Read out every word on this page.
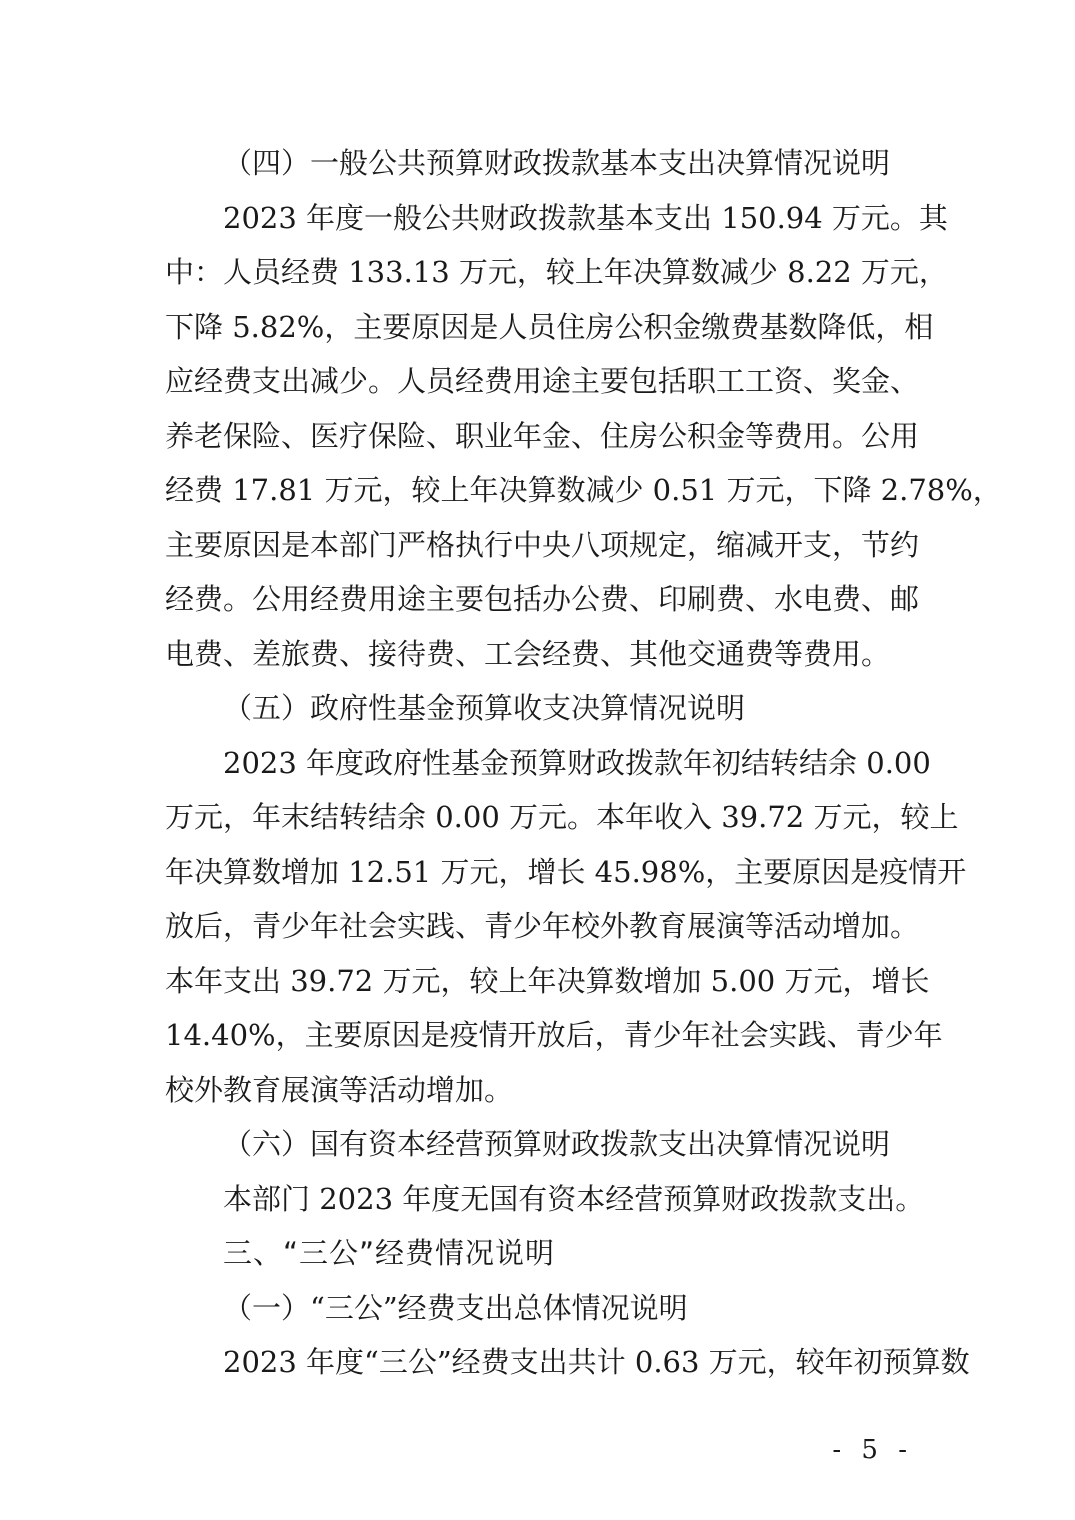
（四）一般公共预算财政拨款基本支出决算情况说明
2023 年度一般公共财政拨款基本支出 150.94 万元。其
中：人员经费 133.13 万元，较上年决算数减少 8.22 万元，
下降 5.82%，主要原因是人员住房公积金缴费基数降低，相
应经费支出减少。人员经费用途主要包括职工工资、奖金、
养老保险、医疗保险、职业年金、住房公积金等费用。公用
经费 17.81 万元，较上年决算数减少 0.51 万元，下降 2.78%，
主要原因是本部门严格执行中央八项规定，缩减开支，节约
经费。公用经费用途主要包括办公费、印刷费、水电费、邮
电费、差旅费、接待费、工会经费、其他交通费等费用。
（五）政府性基金预算收支决算情况说明
2023 年度政府性基金预算财政拨款年初结转结余 0.00
万元，年末结转结余 0.00 万元。本年收入 39.72 万元，较上
年决算数增加 12.51 万元，增长 45.98%，主要原因是疫情开
放后，青少年社会实践、青少年校外教育展演等活动增加。
本年支出 39.72 万元，较上年决算数增加 5.00 万元，增长
14.40%，主要原因是疫情开放后，青少年社会实践、青少年
校外教育展演等活动增加。
（六）国有资本经营预算财政拨款支出决算情况说明
本部门 2023 年度无国有资本经营预算财政拨款支出。
三、“三公”经费情况说明
（一）“三公”经费支出总体情况说明
2023 年度“三公”经费支出共计 0.63 万元，较年初预算数
- 5 -
